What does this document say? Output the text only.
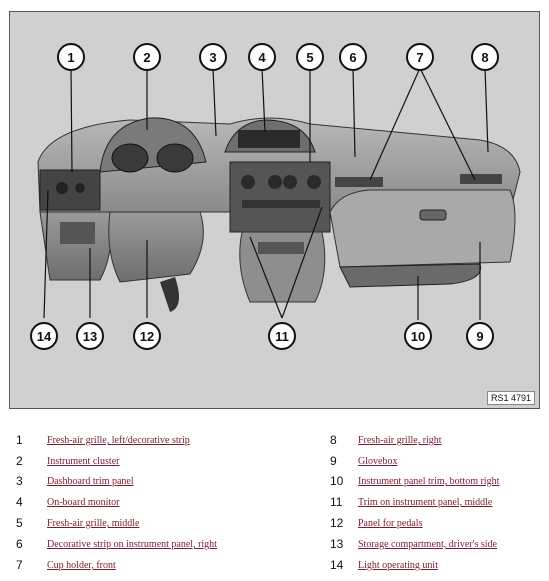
1	2	3	4	5	6	7	8
9
10
11
12
13
14
RS1 4791
1	Fresh-air grille, left/decorative strip
2	Instrument cluster
3	Dashboard trim panel
4	On-board monitor
5	Fresh-air grille, middle
6	Decorative strip on instrument panel, right
7	Cup holder, front
8	Fresh-air grille, right
9	Glovebox
10	Instrument panel trim, bottom right
11	Trim on instrument panel, middle
12	Panel for pedals
13	Storage compartment, driver's side
14	Light operating unit
